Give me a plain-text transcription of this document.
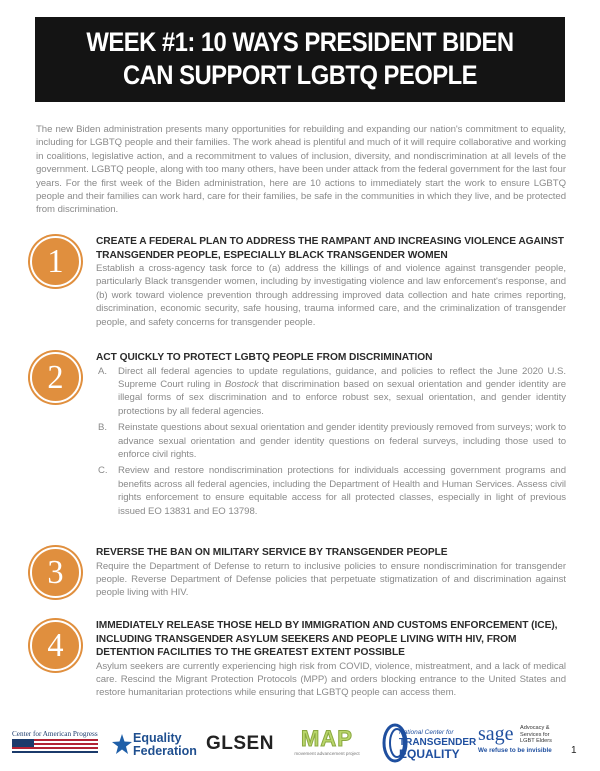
WEEK #1: 10 WAYS PRESIDENT BIDEN
CAN SUPPORT LGBTQ PEOPLE

The new Biden administration presents many opportunities for rebuilding and expanding our nation's commitment to equality, including for LGBTQ people and their families. The work ahead is plentiful and much of it will require collaborative and working in coalitions, legislative action, and a recommitment to values of inclusion, diversity, and nondiscrimination at all levels of the government. LGBTQ people, along with too many others, have been under attack from the federal government for the last four years. For the first week of the Biden administration, here are 10 actions to immediately start the work to ensure LGBTQ people and their families can work hard, care for their families, be safe in the communities in which they live, and be protected from discrimination.

1
CREATE A FEDERAL PLAN TO ADDRESS THE RAMPANT AND INCREASING VIOLENCE AGAINST TRANSGENDER PEOPLE, ESPECIALLY BLACK TRANSGENDER WOMEN
Establish a cross-agency task force to (a) address the killings of and violence against transgender people, particularly Black transgender women, including by investigating violence and law enforcement's response, and (b) work toward violence prevention through addressing improved data collection and hate crimes reporting, discrimination, economic security, safe housing, trauma informed care, and the criminalization of transgender people, and safety concerns for transgender people.
2
ACT QUICKLY TO PROTECT LGBTQ PEOPLE FROM DISCRIMINATION
A. Direct all federal agencies to update regulations, guidance, and policies to reflect the June 2020 U.S. Supreme Court ruling in Bostock that discrimination based on sexual orientation and gender identity are illegal forms of sex discrimination and to enforce robust sex, sexual orientation, and gender identity protections by all federal agencies.
B. Reinstate questions about sexual orientation and gender identity previously removed from surveys; work to advance sexual orientation and gender identity questions on federal surveys, including those used to enforce civil rights.
C. Review and restore nondiscrimination protections for individuals accessing government programs and benefits across all federal agencies, including the Department of Health and Human Services. Assess civil rights enforcement to ensure equitable access for all protected classes, especially in light of previous issued EO 13831 and EO 13798.
3
REVERSE THE BAN ON MILITARY SERVICE BY TRANSGENDER PEOPLE
Require the Department of Defense to return to inclusive policies to ensure nondiscrimination for transgender people. Reverse Department of Defense policies that perpetuate stigmatization of and discrimination against people living with HIV.
4
IMMEDIATELY RELEASE THOSE HELD BY IMMIGRATION AND CUSTOMS ENFORCEMENT (ICE), INCLUDING TRANSGENDER ASYLUM SEEKERS AND PEOPLE LIVING WITH HIV, FROM DETENTION FACILITIES TO THE GREATEST EXTENT POSSIBLE
Asylum seekers are currently experiencing high risk from COVID, violence, mistreatment, and a lack of medical care. Rescind the Migrant Protection Protocols (MPP) and orders blocking entrance to the United States and restore humanitarian protections while ensuring that LGBTQ people can access them.
Center for American Progress	Equality
Federation GLSEN	MAP
movement advancement project
National Center for
TRANSGENDER
EQUALITY
sage Advocacy &
Services for
LGBT Elders
We refuse to be invisible 1
